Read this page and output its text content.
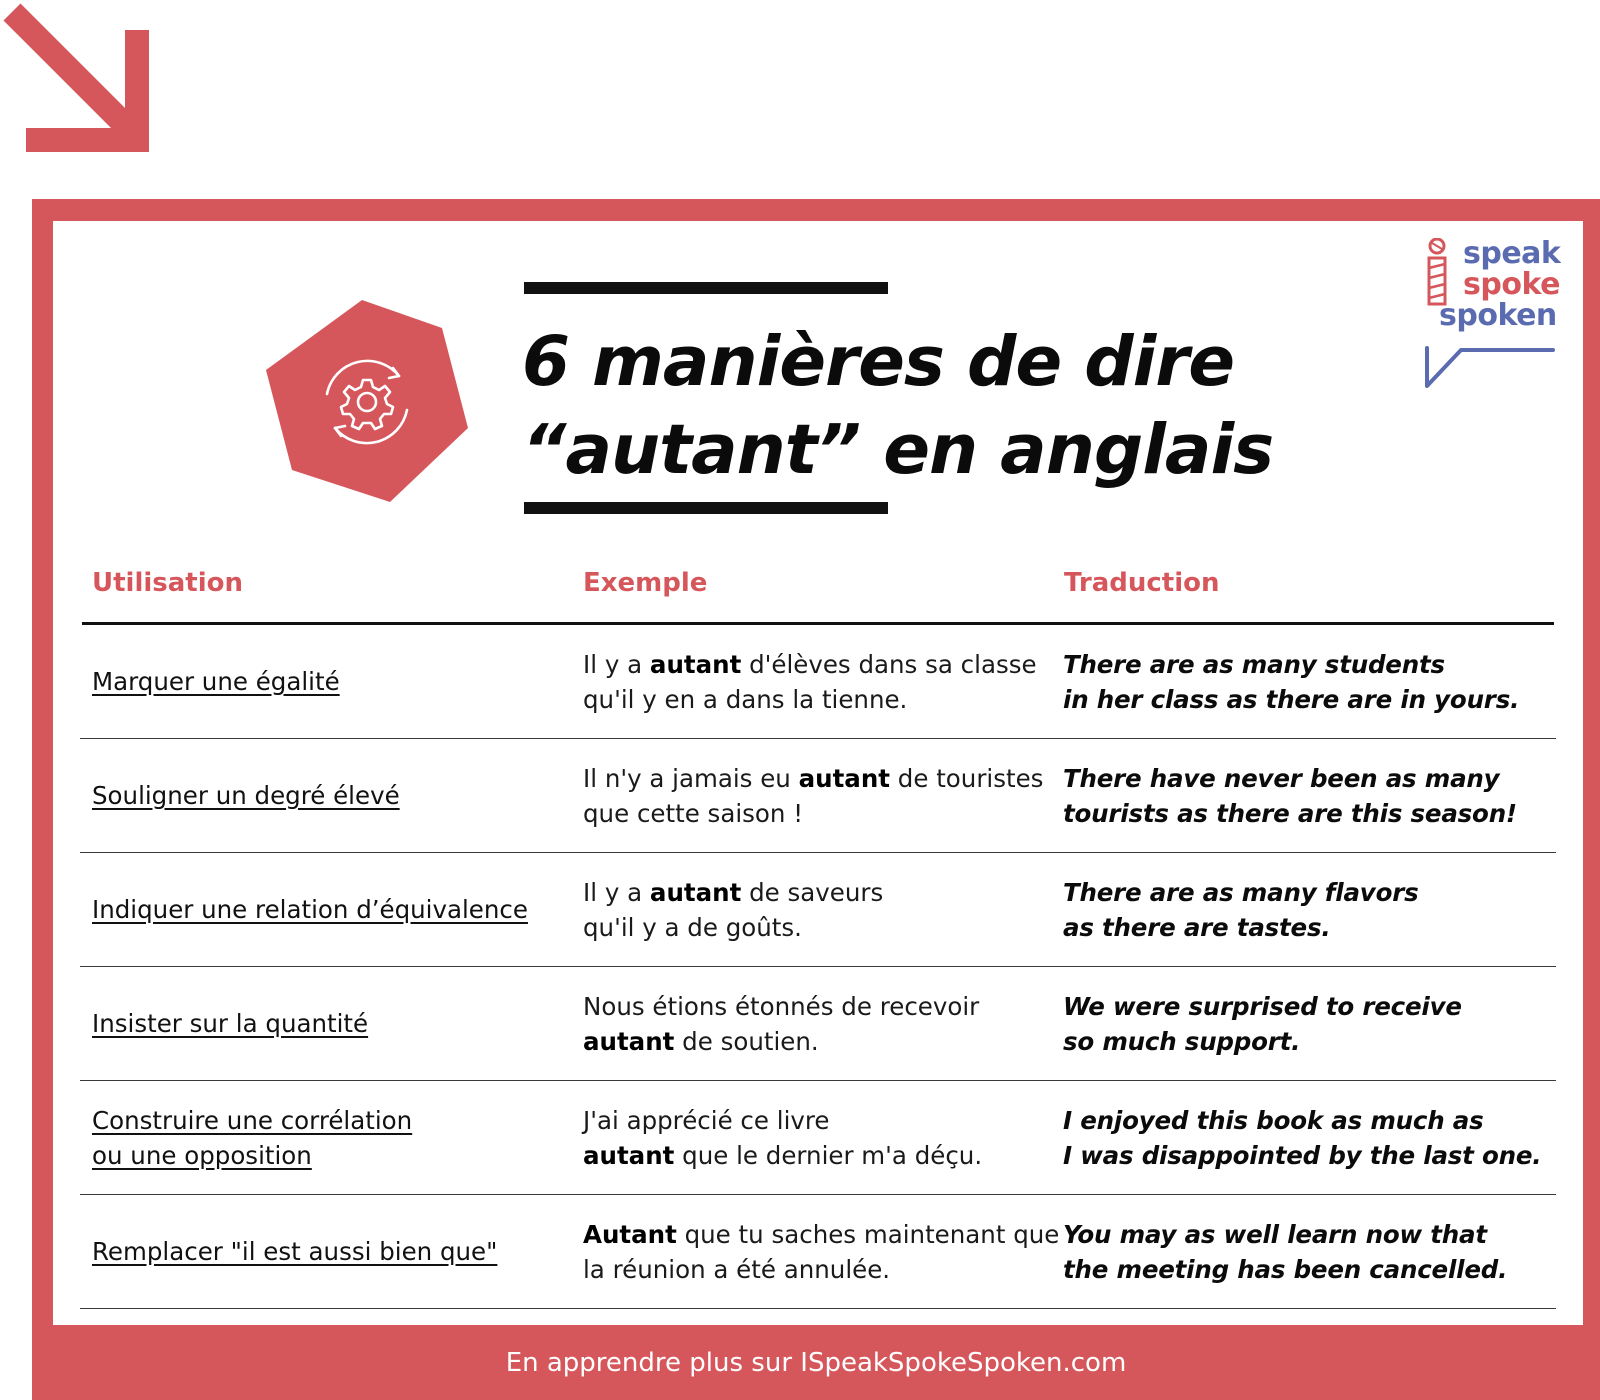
speak
spoke
spoken
6 manières de dire
“autant” en anglais
Utilisation	Exemple	Traduction
Marquer une égalité
Il y a autant d'élèves dans sa classe
qu'il y en a dans la tienne.
There are as many students
in her class as there are in yours.
Souligner un degré élevé
Il n'y a jamais eu autant de touristes
que cette saison !
There have never been as many
tourists as there are this season!
Indiquer une relation d’équivalence
Il y a autant de saveurs
qu'il y a de goûts.
There are as many flavors
as there are tastes.
Insister sur la quantité
Nous étions étonnés de recevoir
autant de soutien.
We were surprised to receive
so much support.
Construire une corrélation
ou une opposition
J'ai apprécié ce livre
autant que le dernier m'a déçu.
I enjoyed this book as much as
I was disappointed by the last one.
Remplacer "il est aussi bien que"
Autant que tu saches maintenant que
la réunion a été annulée.
You may as well learn now that
the meeting has been cancelled.
En apprendre plus sur ISpeakSpokeSpoken.com
